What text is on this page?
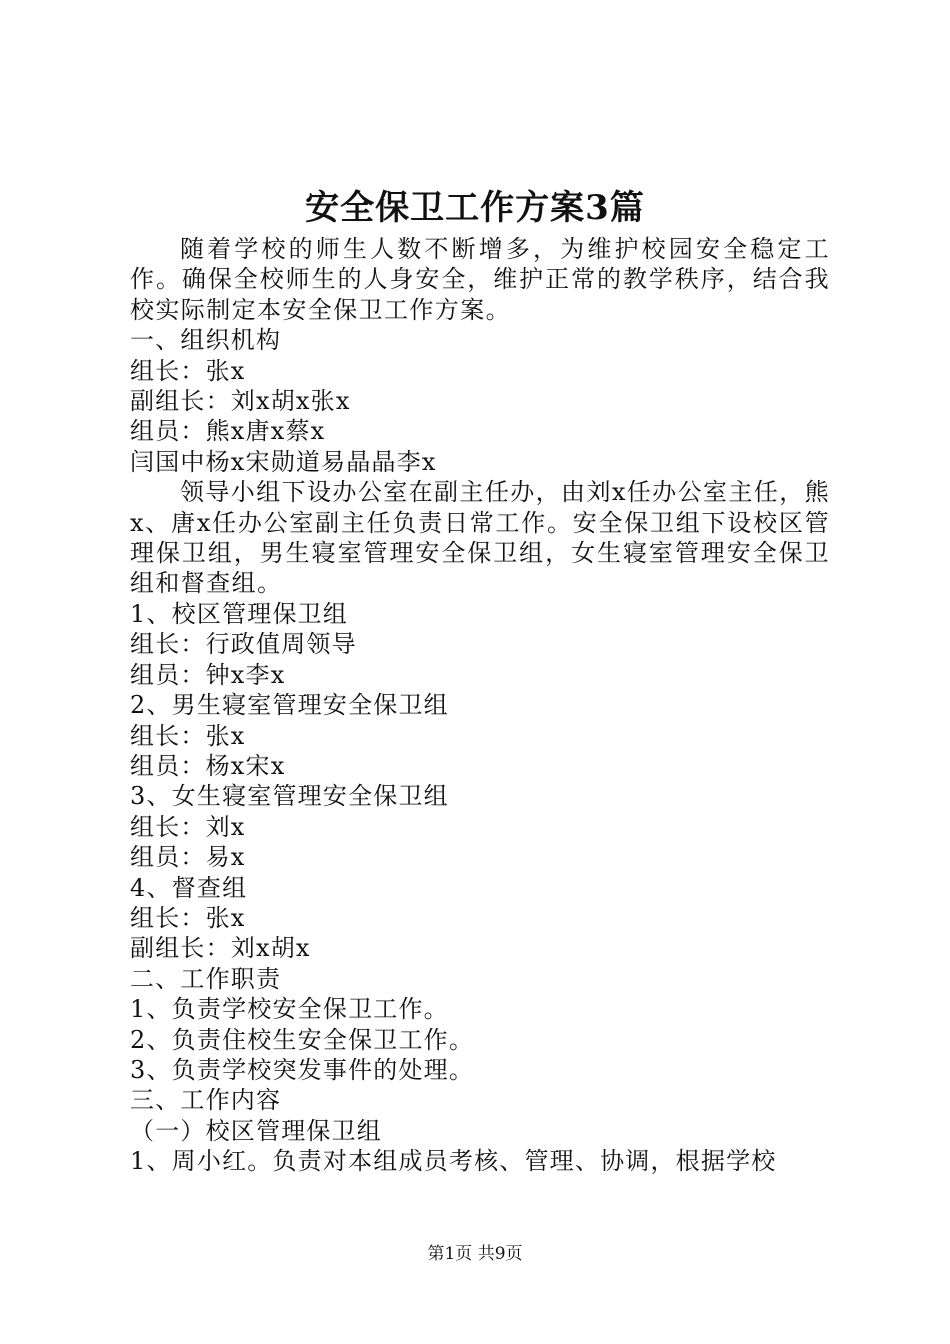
安全保卫工作方案3篇

随着学校的师生人数不断增多，为维护校园安全稳定工作。确保全校师生的人身安全，维护正常的教学秩序，结合我校实际制定本安全保卫工作方案。

一、组织机构

组长：张x

副组长：刘x胡x张x

组员：熊x唐x蔡x

闫国中杨x宋勋道易晶晶李x

领导小组下设办公室在副主任办，由刘x任办公室主任，熊x、唐x任办公室副主任负责日常工作。安全保卫组下设校区管理保卫组，男生寝室管理安全保卫组，女生寝室管理安全保卫组和督查组。

1、校区管理保卫组

组长：行政值周领导

组员：钟x李x

2、男生寝室管理安全保卫组

组长：张x

组员：杨x宋x

3、女生寝室管理安全保卫组

组长：刘x

组员：易x

4、督查组

组长：张x

副组长：刘x胡x

二、工作职责

1、负责学校安全保卫工作。

2、负责住校生安全保卫工作。

3、负责学校突发事件的处理。

三、工作内容

（一）校区管理保卫组

1、周小红。负责对本组成员考核、管理、协调，根据学校

第1页 共9页
